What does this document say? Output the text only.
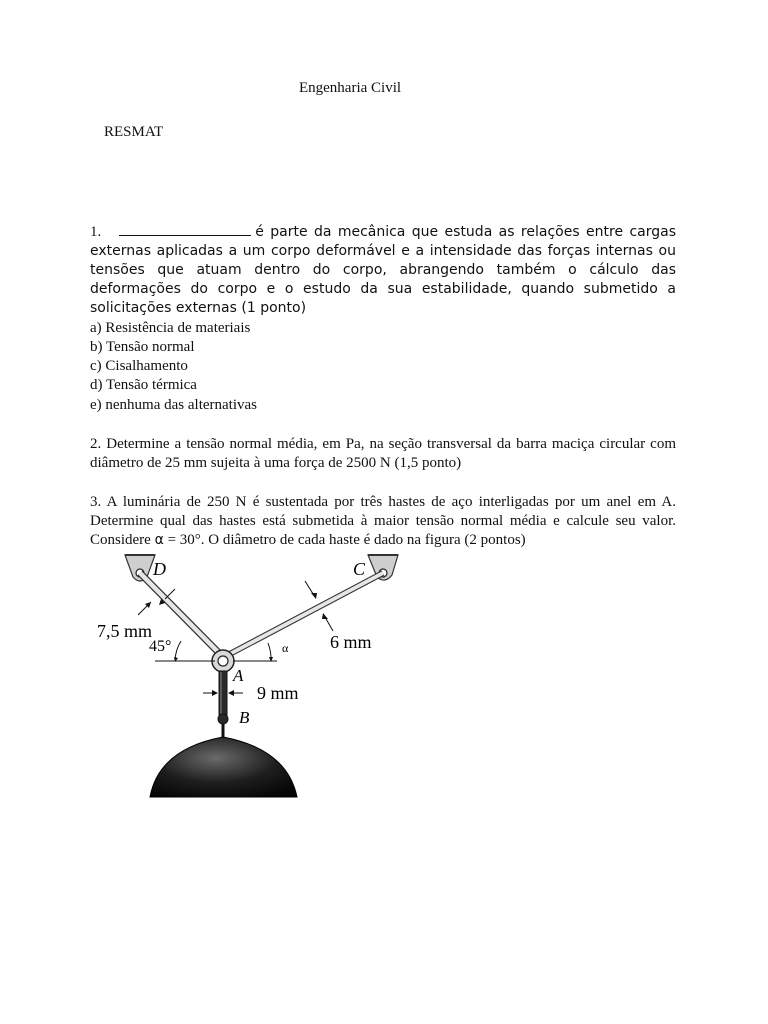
Engenharia Civil
RESMAT
1.	é parte da mecânica que estuda as relações entre cargas externas aplicadas a um corpo deformável e a intensidade das forças internas ou tensões que atuam dentro do corpo, abrangendo também o cálculo das deformações do corpo e o estudo da sua estabilidade, quando submetido a solicitações externas (1 ponto)
a) Resistência de materiais
b) Tensão normal
c) Cisalhamento
d) Tensão térmica
e) nenhuma das alternativas
2. Determine a tensão normal média, em Pa, na seção transversal da barra maciça circular com diâmetro de 25 mm sujeita à uma força de 2500 N (1,5 ponto)
3. A luminária de 250 N é sustentada por três hastes de aço interligadas por um anel em A. Determine qual das hastes está submetida à maior tensão normal média e calcule seu valor. Considere α = 30°. O diâmetro de cada haste é dado na figura (2 pontos)
D	C
A
B
7,5 mm
45°	6 mm
α
9 mm
